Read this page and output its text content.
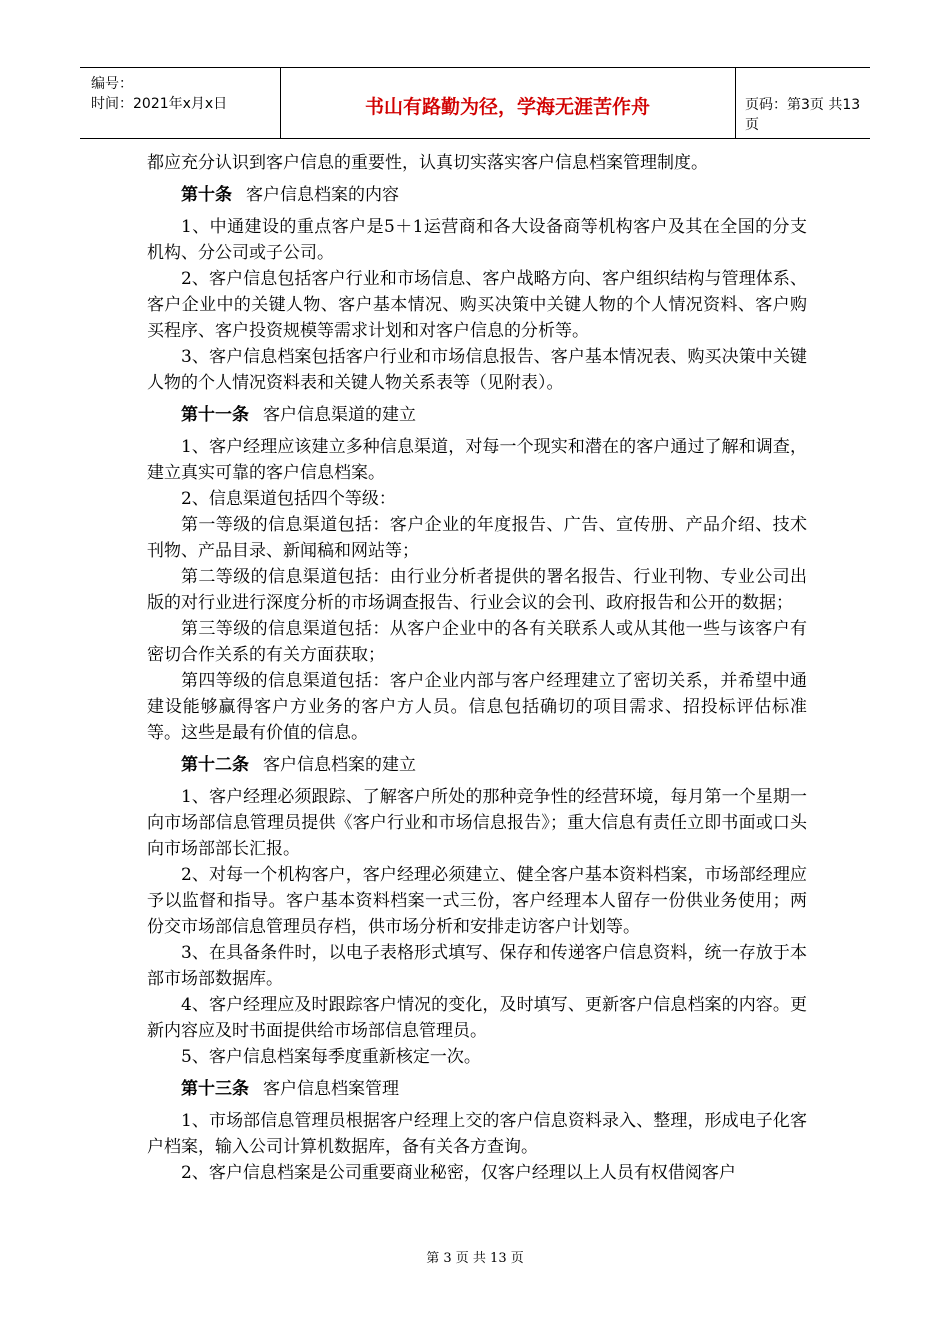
编号：
时间：2021年x月x日	书山有路勤为径，学海无涯苦作舟	页码：第3页 共13页

都应充分认识到客户信息的重要性，认真切实落实客户信息档案管理制度。

第十条 客户信息档案的内容

1、中通建设的重点客户是5＋1运营商和各大设备商等机构客户及其在全国的分支机构、分公司或子公司。

2、客户信息包括客户行业和市场信息、客户战略方向、客户组织结构与管理体系、客户企业中的关键人物、客户基本情况、购买决策中关键人物的个人情况资料、客户购买程序、客户投资规模等需求计划和对客户信息的分析等。

3、客户信息档案包括客户行业和市场信息报告、客户基本情况表、购买决策中关键人物的个人情况资料表和关键人物关系表等（见附表）。

第十一条 客户信息渠道的建立

1、客户经理应该建立多种信息渠道，对每一个现实和潜在的客户通过了解和调查，建立真实可靠的客户信息档案。

2、信息渠道包括四个等级：

第一等级的信息渠道包括：客户企业的年度报告、广告、宣传册、产品介绍、技术刊物、产品目录、新闻稿和网站等；

第二等级的信息渠道包括：由行业分析者提供的署名报告、行业刊物、专业公司出版的对行业进行深度分析的市场调查报告、行业会议的会刊、政府报告和公开的数据；

第三等级的信息渠道包括：从客户企业中的各有关联系人或从其他一些与该客户有密切合作关系的有关方面获取；

第四等级的信息渠道包括：客户企业内部与客户经理建立了密切关系，并希望中通建设能够赢得客户方业务的客户方人员。信息包括确切的项目需求、招投标评估标准等。这些是最有价值的信息。

第十二条 客户信息档案的建立

1、客户经理必须跟踪、了解客户所处的那种竞争性的经营环境，每月第一个星期一向市场部信息管理员提供《客户行业和市场信息报告》；重大信息有责任立即书面或口头向市场部部长汇报。

2、对每一个机构客户，客户经理必须建立、健全客户基本资料档案，市场部经理应予以监督和指导。客户基本资料档案一式三份，客户经理本人留存一份供业务使用；两份交市场部信息管理员存档，供市场分析和安排走访客户计划等。

3、在具备条件时，以电子表格形式填写、保存和传递客户信息资料，统一存放于本部市场部数据库。

4、客户经理应及时跟踪客户情况的变化，及时填写、更新客户信息档案的内容。更新内容应及时书面提供给市场部信息管理员。

5、客户信息档案每季度重新核定一次。

第十三条 客户信息档案管理

1、市场部信息管理员根据客户经理上交的客户信息资料录入、整理，形成电子化客户档案，输入公司计算机数据库，备有关各方查询。

2、客户信息档案是公司重要商业秘密，仅客户经理以上人员有权借阅客户

第 3 页 共 13 页
